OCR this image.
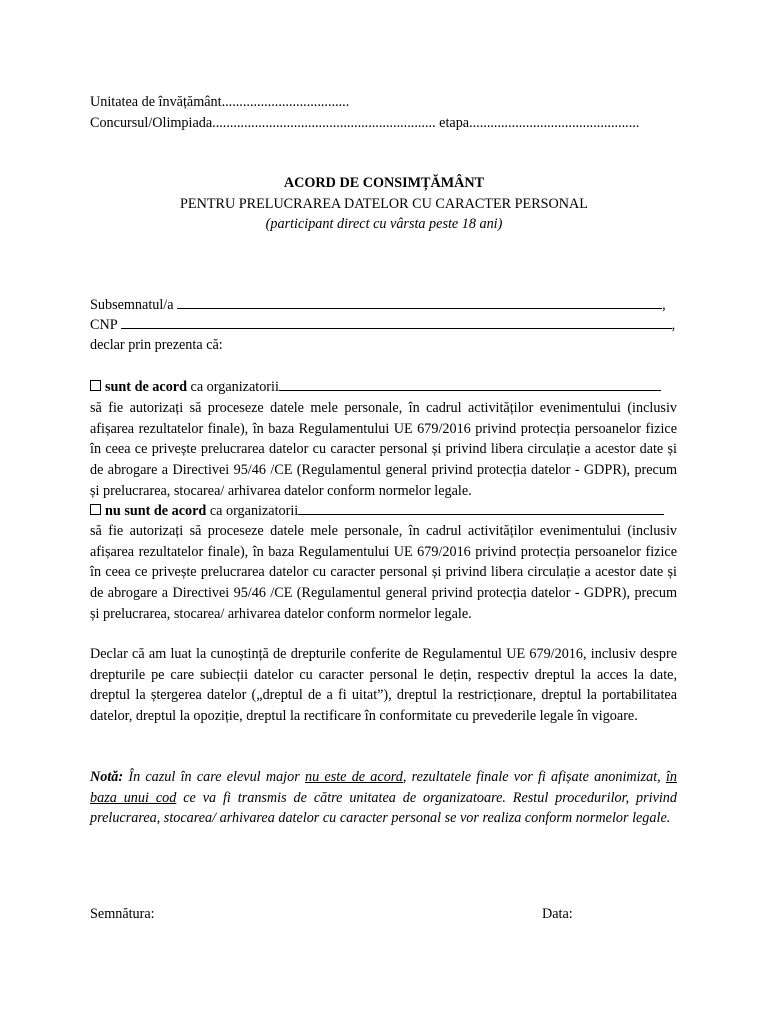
Unitatea de învățământ....................................
Concursul/Olimpiada............................................................... etapa................................................
ACORD DE CONSIMȚĂMÂNT
PENTRU PRELUCRAREA DATELOR CU CARACTER PERSONAL
(participant direct cu vârsta peste 18 ani)
Subsemnatul/a	,
CNP	,
declar prin prezenta că:
sunt de acord ca organizatorii
să fie autorizați să proceseze datele mele personale, în cadrul activităților evenimentului (inclusiv afișarea rezultatelor finale), în baza Regulamentului UE 679/2016 privind protecția persoanelor fizice în ceea ce privește prelucrarea datelor cu caracter personal și privind libera circulație a acestor date și de abrogare a Directivei 95/46 /CE (Regulamentul general privind protecția datelor - GDPR), precum și prelucrarea, stocarea/ arhivarea datelor conform normelor legale.
nu sunt de acord ca organizatorii
să fie autorizați să proceseze datele mele personale, în cadrul activităților evenimentului (inclusiv afișarea rezultatelor finale), în baza Regulamentului UE 679/2016 privind protecția persoanelor fizice în ceea ce privește prelucrarea datelor cu caracter personal și privind libera circulație a acestor date și de abrogare a Directivei 95/46 /CE (Regulamentul general privind protecția datelor - GDPR), precum și prelucrarea, stocarea/ arhivarea datelor conform normelor legale.
Declar că am luat la cunoștință de drepturile conferite de Regulamentul UE 679/2016, inclusiv despre drepturile pe care subiecții datelor cu caracter personal le dețin, respectiv dreptul la acces la date, dreptul la ștergerea datelor („dreptul de a fi uitat”), dreptul la restricționare, dreptul la portabilitatea datelor, dreptul la opoziție, dreptul la rectificare în conformitate cu prevederile legale în vigoare.
Notă: În cazul în care elevul major nu este de acord, rezultatele finale vor fi afișate anonimizat, în baza unui cod ce va fi transmis de către unitatea de organizatoare. Restul procedurilor, privind prelucrarea, stocarea/ arhivarea datelor cu caracter personal se vor realiza conform normelor legale.
Semnătura:	Data:
